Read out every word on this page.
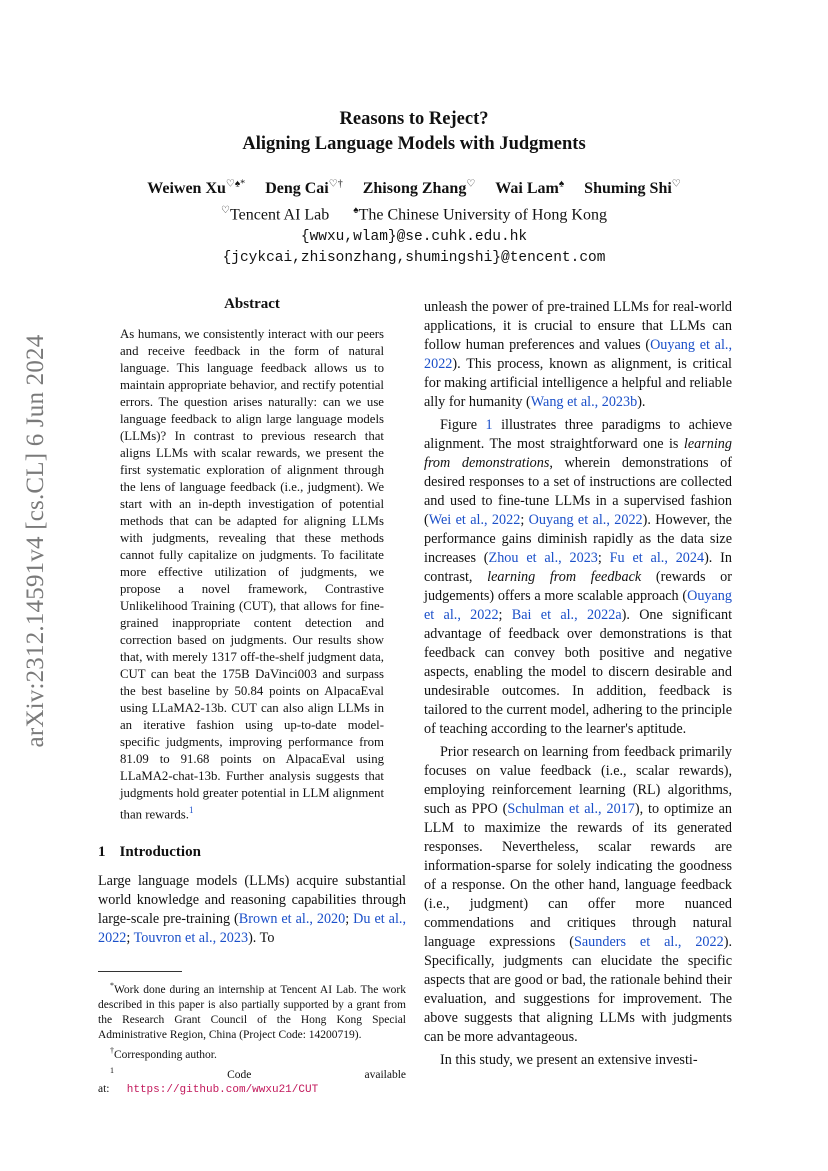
arXiv:2312.14591v4 [cs.CL] 6 Jun 2024
Reasons to Reject?
Aligning Language Models with Judgments
Weiwen Xu♡♠* Deng Cai♡† Zhisong Zhang♡ Wai Lam♠ Shuming Shi♡
♡Tencent AI Lab ♠The Chinese University of Hong Kong
{wwxu,wlam}@se.cuhk.edu.hk
{jcykcai,zhisonzhang,shumingshi}@tencent.com
Abstract

As humans, we consistently interact with our peers and receive feedback in the form of natural language. This language feedback allows us to maintain appropriate behavior, and rectify potential errors. The question arises naturally: can we use language feedback to align large language models (LLMs)? In contrast to previous research that aligns LLMs with scalar rewards, we present the first systematic exploration of alignment through the lens of language feedback (i.e., judgment). We start with an in-depth investigation of potential methods that can be adapted for aligning LLMs with judgments, revealing that these methods cannot fully capitalize on judgments. To facilitate more effective utilization of judgments, we propose a novel framework, Contrastive Unlikelihood Training (CUT), that allows for fine-grained inappropriate content detection and correction based on judgments. Our results show that, with merely 1317 off-the-shelf judgment data, CUT can beat the 175B DaVinci003 and surpass the best baseline by 50.84 points on AlpacaEval using LLaMA2-13b. CUT can also align LLMs in an iterative fashion using up-to-date model-specific judgments, improving performance from 81.09 to 91.68 points on AlpacaEval using LLaMA2-chat-13b. Further analysis suggests that judgments hold greater potential in LLM alignment than rewards.$^1$

1 Introduction

Large language models (LLMs) acquire substantial world knowledge and reasoning capabilities through large-scale pre-training (Brown et al., 2020; Du et al., 2022; Touvron et al., 2023). To

*Work done during an internship at Tencent AI Lab. The work described in this paper is also partially supported by a grant from the Research Grant Council of the Hong Kong Special Administrative Region, China (Project Code: 14200719).

†Corresponding author.

$^1$	Code available at: https://github.com/wwxu21/CUT

unleash the power of pre-trained LLMs for real-world applications, it is crucial to ensure that LLMs can follow human preferences and values (Ouyang et al., 2022). This process, known as alignment, is critical for making artificial intelligence a helpful and reliable ally for humanity (Wang et al., 2023b).

Figure 1 illustrates three paradigms to achieve alignment. The most straightforward one is learning from demonstrations, wherein demonstrations of desired responses to a set of instructions are collected and used to fine-tune LLMs in a supervised fashion (Wei et al., 2022; Ouyang et al., 2022). However, the performance gains diminish rapidly as the data size increases (Zhou et al., 2023; Fu et al., 2024). In contrast, learning from feedback (rewards or judgements) offers a more scalable approach (Ouyang et al., 2022; Bai et al., 2022a). One significant advantage of feedback over demonstrations is that feedback can convey both positive and negative aspects, enabling the model to discern desirable and undesirable outcomes. In addition, feedback is tailored to the current model, adhering to the principle of teaching according to the learner's aptitude.

Prior research on learning from feedback primarily focuses on value feedback (i.e., scalar rewards), employing reinforcement learning (RL) algorithms, such as PPO (Schulman et al., 2017), to optimize an LLM to maximize the rewards of its generated responses. Nevertheless, scalar rewards are information-sparse for solely indicating the goodness of a response. On the other hand, language feedback (i.e., judgment) can offer more nuanced commendations and critiques through natural language expressions (Saunders et al., 2022). Specifically, judgments can elucidate the specific aspects that are good or bad, the rationale behind their evaluation, and suggestions for improvement. The above suggests that aligning LLMs with judgments can be more advantageous.

In this study, we present an extensive investi-
